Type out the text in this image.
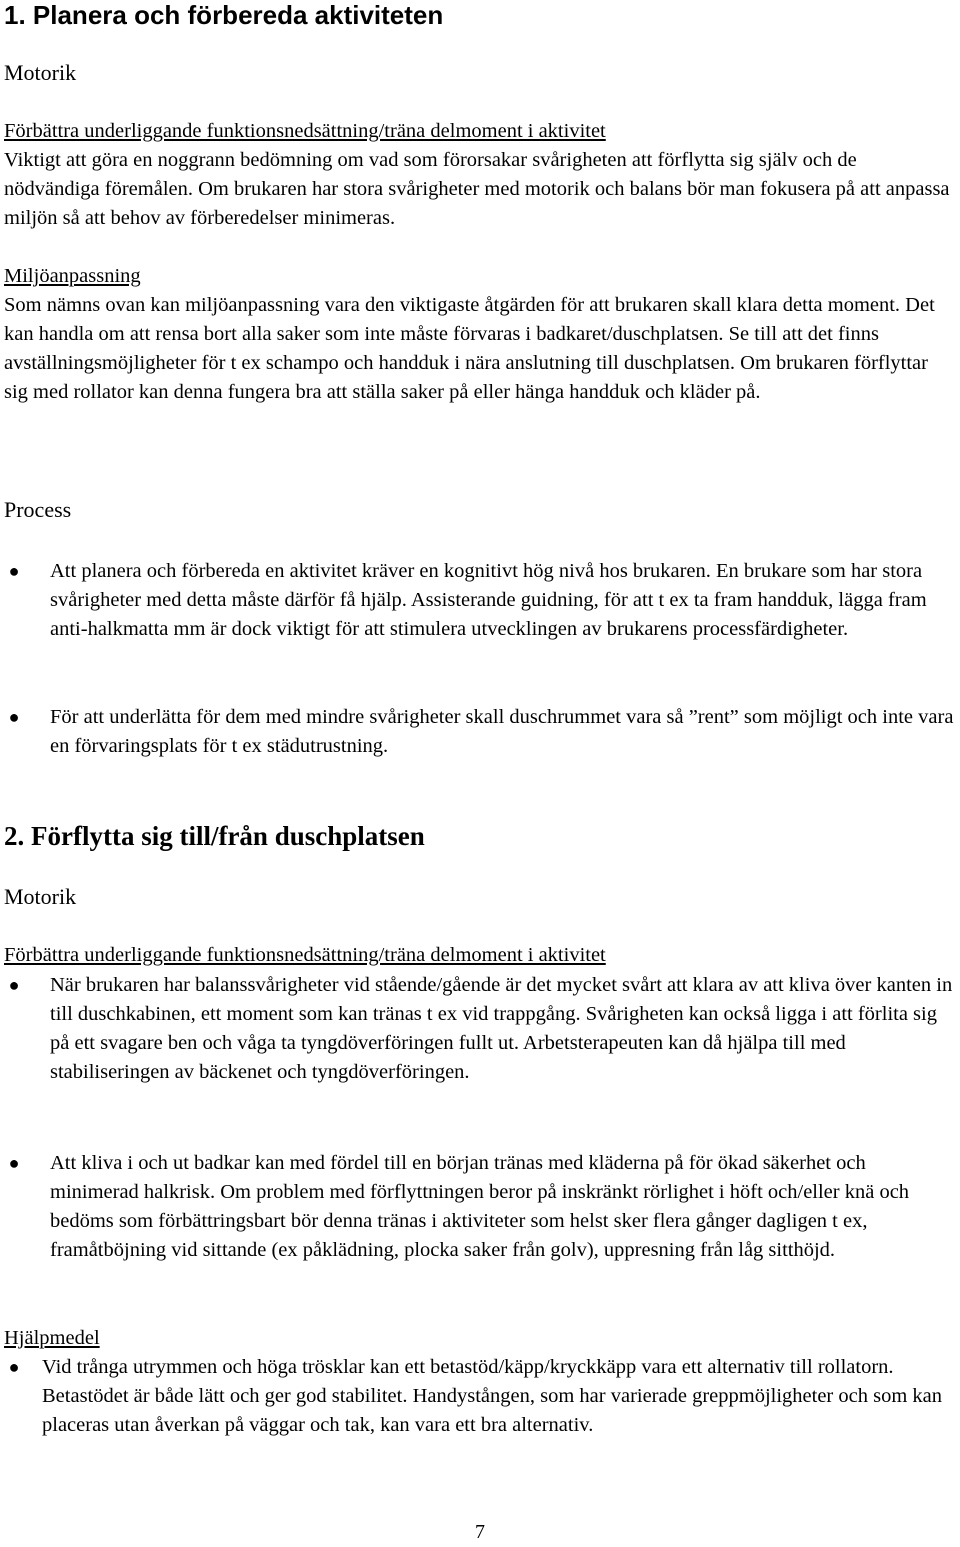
1. Planera och förbereda aktiviteten
Motorik
Förbättra underliggande funktionsnedsättning/träna delmoment i aktivitet
Viktigt att göra en noggrann bedömning om vad som förorsakar svårigheten att förflytta sig själv och de nödvändiga föremålen. Om brukaren har stora svårigheter med motorik och balans bör man fokusera på att anpassa miljön så att behov av förberedelser minimeras.
Miljöanpassning
Som nämns ovan kan miljöanpassning vara den viktigaste åtgärden för att brukaren skall klara detta moment. Det kan handla om att rensa bort alla saker som inte måste förvaras i badkaret/duschplatsen. Se till att det finns avställningsmöjligheter för t ex schampo och handduk i nära anslutning till duschplatsen. Om brukaren förflyttar sig med rollator kan denna fungera bra att ställa saker på eller hänga handduk och kläder på.
Process
● Att planera och förbereda en aktivitet kräver en kognitivt hög nivå hos brukaren. En brukare som har stora svårigheter med detta måste därför få hjälp. Assisterande guidning, för att t ex ta fram handduk, lägga fram anti-halkmatta mm är dock viktigt för att stimulera utvecklingen av brukarens processfärdigheter.
● För att underlätta för dem med mindre svårigheter skall duschrummet vara så ”rent” som möjligt och inte vara en förvaringsplats för t ex städutrustning.
2. Förflytta sig till/från duschplatsen
Motorik
Förbättra underliggande funktionsnedsättning/träna delmoment i aktivitet
● När brukaren har balanssvårigheter vid stående/gående är det mycket svårt att klara av att kliva över kanten in till duschkabinen, ett moment som kan tränas t ex vid trappgång. Svårigheten kan också ligga i att förlita sig på ett svagare ben och våga ta tyngdöverföringen fullt ut. Arbetsterapeuten kan då hjälpa till med stabiliseringen av bäckenet och tyngdöverföringen.
● Att kliva i och ut badkar kan med fördel till en början tränas med kläderna på för ökad säkerhet och minimerad halkrisk. Om problem med förflyttningen beror på inskränkt rörlighet i höft och/eller knä och bedöms som förbättringsbart bör denna tränas i aktiviteter som helst sker flera gånger dagligen t ex, framåtböjning vid sittande (ex påklädning, plocka saker från golv), uppresning från låg sitthöjd.
Hjälpmedel
● Vid trånga utrymmen och höga trösklar kan ett betastöd/käpp/kryckkäpp vara ett alternativ till rollatorn. Betastödet är både lätt och ger god stabilitet. Handystången, som har varierade greppmöjligheter och som kan placeras utan åverkan på väggar och tak, kan vara ett bra alternativ.
7
